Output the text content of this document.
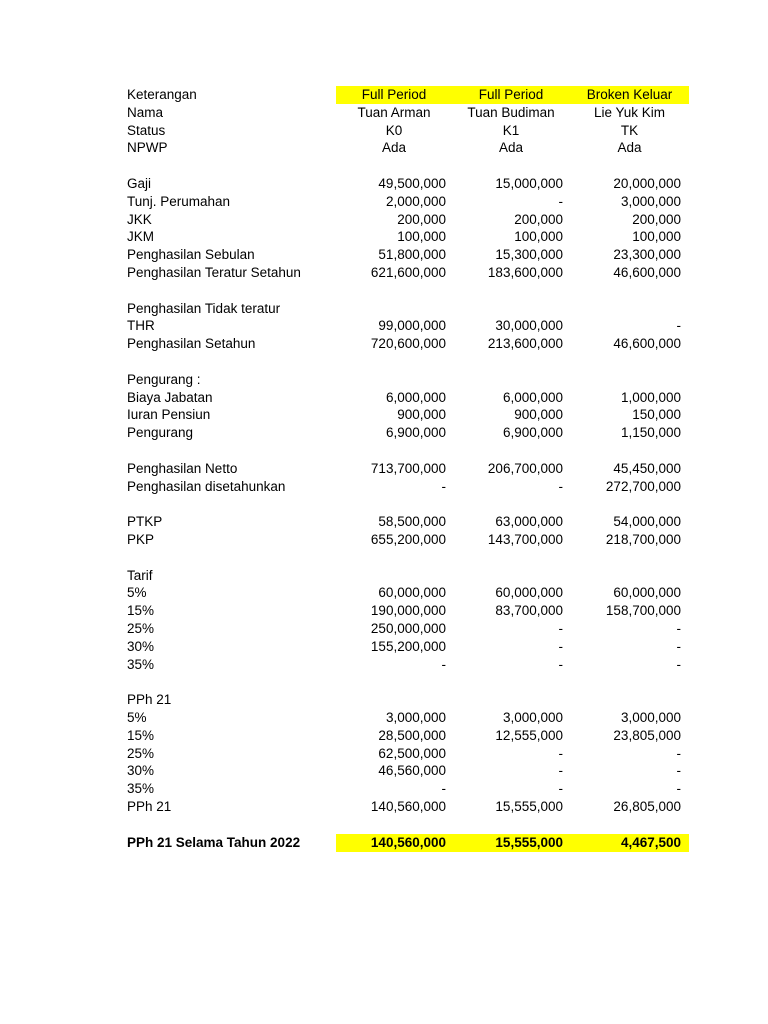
Keterangan	Full Period	Full Period	Broken Keluar
Nama	Tuan Arman	Tuan Budiman	Lie Yuk Kim
Status	K0	K1	TK
NPWP	Ada	Ada	Ada
Gaji	49,500,000	15,000,000	20,000,000
Tunj. Perumahan	2,000,000	-	3,000,000
JKK	200,000	200,000	200,000
JKM	100,000	100,000	100,000
Penghasilan Sebulan	51,800,000	15,300,000	23,300,000
Penghasilan Teratur Setahun	621,600,000	183,600,000	46,600,000
Penghasilan Tidak teratur
THR	99,000,000	30,000,000	-
Penghasilan Setahun	720,600,000	213,600,000	46,600,000
Pengurang :
Biaya Jabatan	6,000,000	6,000,000	1,000,000
Iuran Pensiun	900,000	900,000	150,000
Pengurang	6,900,000	6,900,000	1,150,000
Penghasilan Netto	713,700,000	206,700,000	45,450,000
Penghasilan disetahunkan	-	-	272,700,000
PTKP	58,500,000	63,000,000	54,000,000
PKP	655,200,000	143,700,000	218,700,000
Tarif
5%	60,000,000	60,000,000	60,000,000
15%	190,000,000	83,700,000	158,700,000
25%	250,000,000	-	-
30%	155,200,000	-	-
35%	-	-	-
PPh 21
5%	3,000,000	3,000,000	3,000,000
15%	28,500,000	12,555,000	23,805,000
25%	62,500,000	-	-
30%	46,560,000	-	-
35%	-	-	-
PPh 21	140,560,000	15,555,000	26,805,000
PPh 21 Selama Tahun 2022	140,560,000	15,555,000	4,467,500
